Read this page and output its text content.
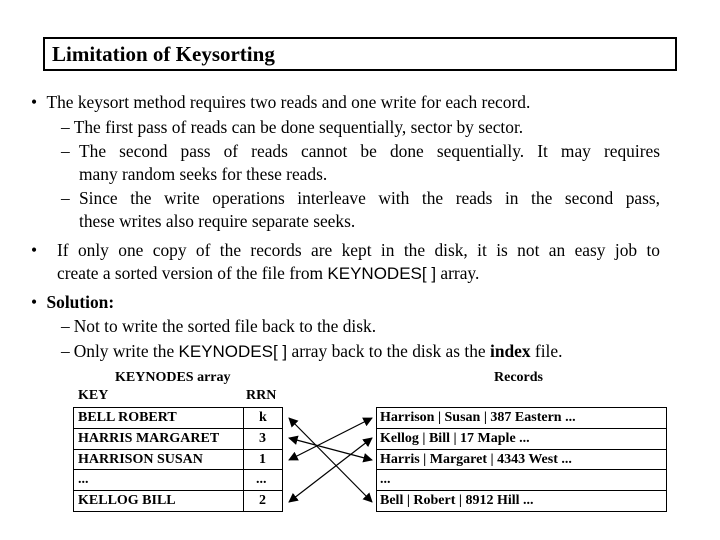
Limitation of Keysorting
• The keysort method requires two reads and one write for each record.
– The first pass of reads can be done sequentially, sector by sector.
– The second pass of reads cannot be done sequentially. It may requires
many random seeks for these reads.
– Since the write operations interleave with the reads in the second pass,
these writes also require separate seeks.
• If only one copy of the records are kept in the disk, it is not an easy job to
create a sorted version of the file from KEYNODES[ ] array.
• Solution:
– Not to write the sorted file back to the disk.
– Only write the KEYNODES[ ] array back to the disk as the index file.
KEYNODES array	Records
KEY	RRN
BELL ROBERT	k
HARRIS MARGARET	3
HARRISON SUSAN	1
...	...
KELLOG BILL	2
Harrison | Susan | 387 Eastern ...
Kellog | Bill | 17 Maple ...
Harris | Margaret | 4343 West ...
...
Bell | Robert | 8912 Hill ...
